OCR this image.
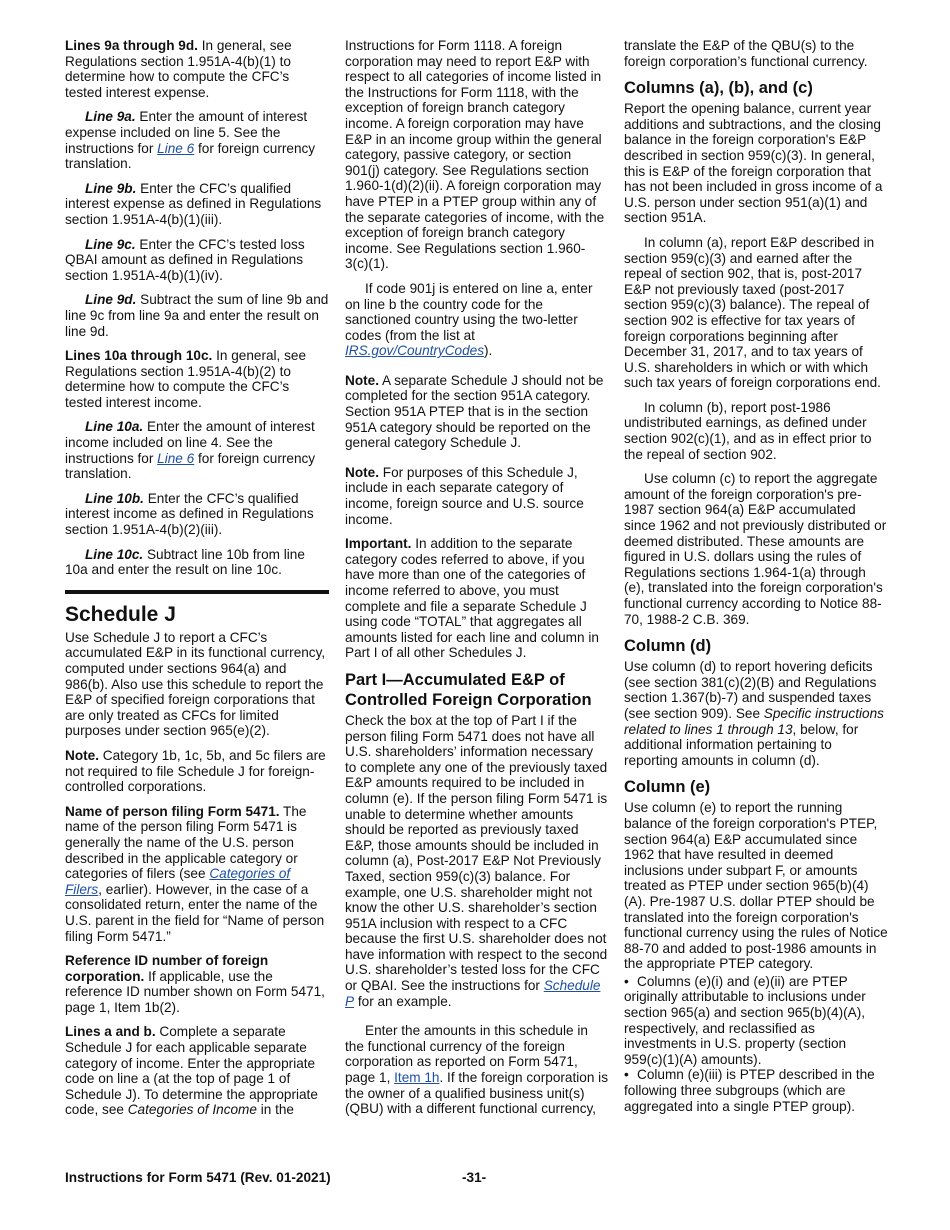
Lines 9a through 9d. In general, see Regulations section 1.951A-4(b)(1) to determine how to compute the CFC’s tested interest expense.

Line 9a. Enter the amount of interest expense included on line 5. See the instructions for Line 6 for foreign currency translation.

Line 9b. Enter the CFC’s qualified interest expense as defined in Regulations section 1.951A-4(b)(1)(iii).

Line 9c. Enter the CFC’s tested loss QBAI amount as defined in Regulations section 1.951A-4(b)(1)(iv).

Line 9d. Subtract the sum of line 9b and line 9c from line 9a and enter the result on line 9d.

Lines 10a through 10c. In general, see Regulations section 1.951A-4(b)(2) to determine how to compute the CFC’s tested interest income.

Line 10a. Enter the amount of interest income included on line 4. See the instructions for Line 6 for foreign currency translation.

Line 10b. Enter the CFC’s qualified interest income as defined in Regulations section 1.951A-4(b)(2)(iii).

Line 10c. Subtract line 10b from line 10a and enter the result on line 10c.

Schedule J

Use Schedule J to report a CFC’s accumulated E&P in its functional currency, computed under sections 964(a) and 986(b). Also use this schedule to report the E&P of specified foreign corporations that are only treated as CFCs for limited purposes under section 965(e)(2).

Note. Category 1b, 1c, 5b, and 5c filers are not required to file Schedule J for foreign-controlled corporations.

Name of person filing Form 5471. The name of the person filing Form 5471 is generally the name of the U.S. person described in the applicable category or categories of filers (see Categories of Filers, earlier). However, in the case of a consolidated return, enter the name of the U.S. parent in the field for “Name of person filing Form 5471.”

Reference ID number of foreign corporation. If applicable, use the reference ID number shown on Form 5471, page 1, Item 1b(2).

Lines a and b. Complete a separate Schedule J for each applicable separate category of income. Enter the appropriate code on line a (at the top of page 1 of Schedule J). To determine the appropriate code, see Categories of Income in the

Instructions for Form 1118. A foreign corporation may need to report E&P with respect to all categories of income listed in the Instructions for Form 1118, with the exception of foreign branch category income. A foreign corporation may have E&P in an income group within the general category, passive category, or section 901(j) category. See Regulations section 1.960-1(d)(2)(ii). A foreign corporation may have PTEP in a PTEP group within any of the separate categories of income, with the exception of foreign branch category income. See Regulations section 1.960-3(c)(1).

If code 901j is entered on line a, enter on line b the country code for the sanctioned country using the two-letter codes (from the list at IRS.gov/CountryCodes).

Note. A separate Schedule J should not be completed for the section 951A category. Section 951A PTEP that is in the section 951A category should be reported on the general category Schedule J.

Note. For purposes of this Schedule J, include in each separate category of income, foreign source and U.S. source income.

Important. In addition to the separate category codes referred to above, if you have more than one of the categories of income referred to above, you must complete and file a separate Schedule J using code “TOTAL” that aggregates all amounts listed for each line and column in Part I of all other Schedules J.

Part I—Accumulated E&P of Controlled Foreign Corporation

Check the box at the top of Part I if the person filing Form 5471 does not have all U.S. shareholders’ information necessary to complete any one of the previously taxed E&P amounts required to be included in column (e). If the person filing Form 5471 is unable to determine whether amounts should be reported as previously taxed E&P, those amounts should be included in column (a), Post-2017 E&P Not Previously Taxed, section 959(c)(3) balance. For example, one U.S. shareholder might not know the other U.S. shareholder’s section 951A inclusion with respect to a CFC because the first U.S. shareholder does not have information with respect to the second U.S. shareholder’s tested loss for the CFC or QBAI. See the instructions for Schedule P for an example.

Enter the amounts in this schedule in the functional currency of the foreign corporation as reported on Form 5471, page 1, Item 1h. If the foreign corporation is the owner of a qualified business unit(s) (QBU) with a different functional currency,

translate the E&P of the QBU(s) to the foreign corporation’s functional currency.

Columns (a), (b), and (c)

Report the opening balance, current year additions and subtractions, and the closing balance in the foreign corporation's E&P described in section 959(c)(3). In general, this is E&P of the foreign corporation that has not been included in gross income of a U.S. person under section 951(a)(1) and section 951A.

In column (a), report E&P described in section 959(c)(3) and earned after the repeal of section 902, that is, post-2017 E&P not previously taxed (post-2017 section 959(c)(3) balance). The repeal of section 902 is effective for tax years of foreign corporations beginning after December 31, 2017, and to tax years of U.S. shareholders in which or with which such tax years of foreign corporations end.

In column (b), report post-1986 undistributed earnings, as defined under section 902(c)(1), and as in effect prior to the repeal of section 902.

Use column (c) to report the aggregate amount of the foreign corporation's pre-1987 section 964(a) E&P accumulated since 1962 and not previously distributed or deemed distributed. These amounts are figured in U.S. dollars using the rules of Regulations sections 1.964-1(a) through (e), translated into the foreign corporation's functional currency according to Notice 88-70, 1988-2 C.B. 369.

Column (d)

Use column (d) to report hovering deficits (see section 381(c)(2)(B) and Regulations section 1.367(b)-7) and suspended taxes (see section 909). See Specific instructions related to lines 1 through 13, below, for additional information pertaining to reporting amounts in column (d).

Column (e)

Use column (e) to report the running balance of the foreign corporation's PTEP, section 964(a) E&P accumulated since 1962 that have resulted in deemed inclusions under subpart F, or amounts treated as PTEP under section 965(b)(4)(A). Pre-1987 U.S. dollar PTEP should be translated into the foreign corporation's functional currency using the rules of Notice 88-70 and added to post-1986 amounts in the appropriate PTEP category.

• Columns (e)(i) and (e)(ii) are PTEP originally attributable to inclusions under section 965(a) and section 965(b)(4)(A), respectively, and reclassified as investments in U.S. property (section 959(c)(1)(A) amounts).

• Column (e)(iii) is PTEP described in the following three subgroups (which are aggregated into a single PTEP group).

Instructions for Form 5471 (Rev. 01-2021)	-31-
